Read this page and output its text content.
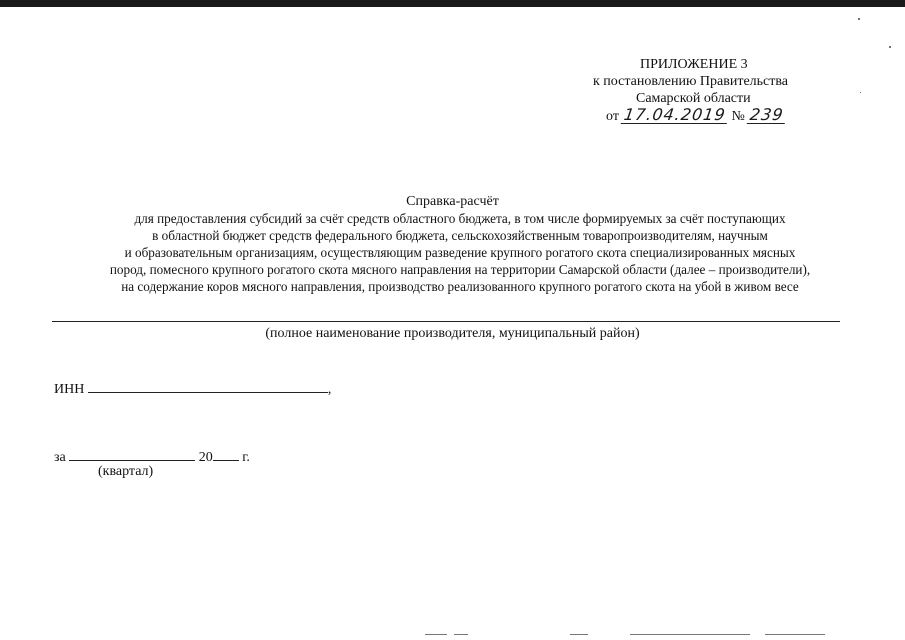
ПРИЛОЖЕНИЕ 3
к постановлению Правительства
Самарской области
от 17.04.2019 № 239
Справка-расчёт
для предоставления субсидий за счёт средств областного бюджета, в том числе формируемых за счёт поступающих
в областной бюджет средств федерального бюджета, сельскохозяйственным товаропроизводителям, научным
и образовательным организациям, осуществляющим разведение крупного рогатого скота специализированных мясных
пород, помесного крупного рогатого скота мясного направления на территории Самарской области (далее – производители),
на содержание коров мясного направления, производство реализованного крупного рогатого скота на убой в живом весе
(полное наименование производителя, муниципальный район)
ИНН	,
за	20 г.
(квартал)
